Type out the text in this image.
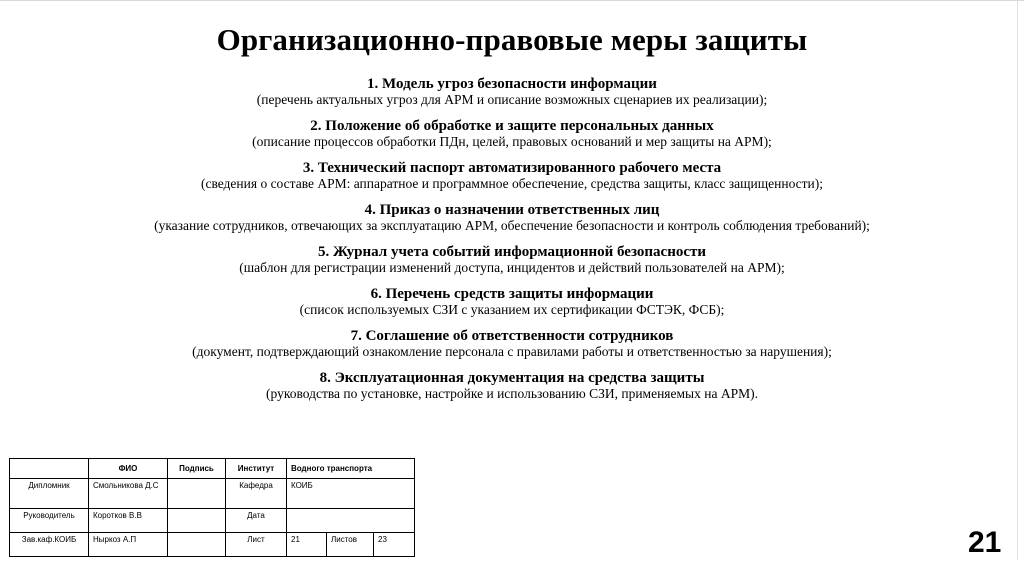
Организационно-правовые меры защиты
1. Модель угроз безопасности информации
(перечень актуальных угроз для АРМ и описание возможных сценариев их реализации);
2. Положение об обработке и защите персональных данных
(описание процессов обработки ПДн, целей, правовых оснований и мер защиты на АРМ);
3. Технический паспорт автоматизированного рабочего места
(сведения о составе АРМ: аппаратное и программное обеспечение, средства защиты, класс защищенности);
4. Приказ о назначении ответственных лиц
(указание сотрудников, отвечающих за эксплуатацию АРМ, обеспечение безопасности и контроль соблюдения требований);
5. Журнал учета событий информационной безопасности
(шаблон для регистрации изменений доступа, инцидентов и действий пользователей на АРМ);
6. Перечень средств защиты информации
(список используемых СЗИ с указанием их сертификации ФСТЭК, ФСБ);
7. Соглашение об ответственности сотрудников
(документ, подтверждающий ознакомление персонала с правилами работы и ответственностью за нарушения);
8. Эксплуатационная документация на средства защиты
(руководства по установке, настройке и использованию СЗИ, применяемых на АРМ).
	ФИО	Подпись	Институт	Водного транспорта		
Дипломник	Смольникова Д.С		Кафедра	КОИБ		
Руководитель	Коротков В.В		Дата			
Зав.каф.КОИБ	Ныркоз А.П		Лист	21	Листов	23	21
